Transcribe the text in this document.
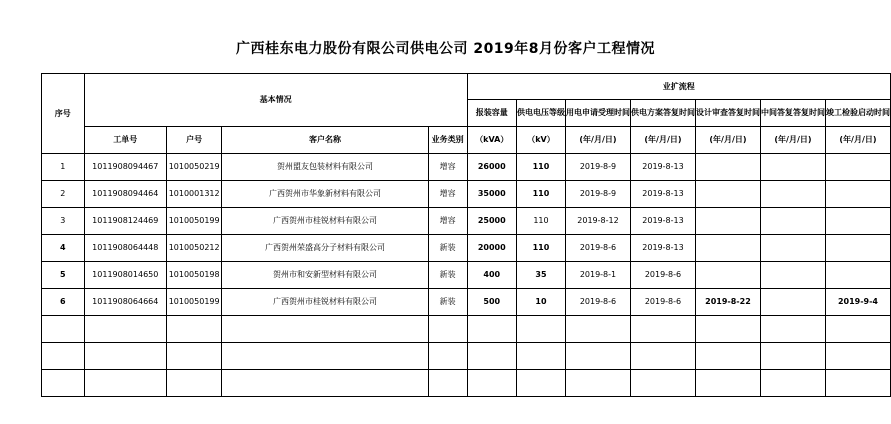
广西桂东电力股份有限公司供电公司 2019年8月份客户工程情况
序号	基本情况				业扩流程						
					报装容量	供电电压等级	用电申请受理时间	供电方案答复时间	设计审查答复时间	中间答复答复时间	竣工检验启动时间
	工单号	户号	客户名称	业务类别	（kVA）	（kV）	(年/月/日)	(年/月/日)	(年/月/日)	(年/月/日)	(年/月/日)
1	1011908094467	1010050219	贺州盟友包装材料有限公司	增容	26000	110	2019-8-9	2019-8-13			
2	1011908094464	1010001312	广西贺州市华象新材料有限公司	增容	35000	110	2019-8-9	2019-8-13			
3	1011908124469	1010050199	广西贺州市桂锐材料有限公司	增容	25000	110	2019-8-12	2019-8-13			
4	1011908064448	1010050212	广西贺州荣盛高分子材料有限公司	新装	20000	110	2019-8-6	2019-8-13			
5	1011908014650	1010050198	贺州市和安新型材料有限公司	新装	400	35	2019-8-1	2019-8-6			
6	1011908064664	1010050199	广西贺州市桂锐材料有限公司	新装	500	10	2019-8-6	2019-8-6	2019-8-22		2019-9-4
